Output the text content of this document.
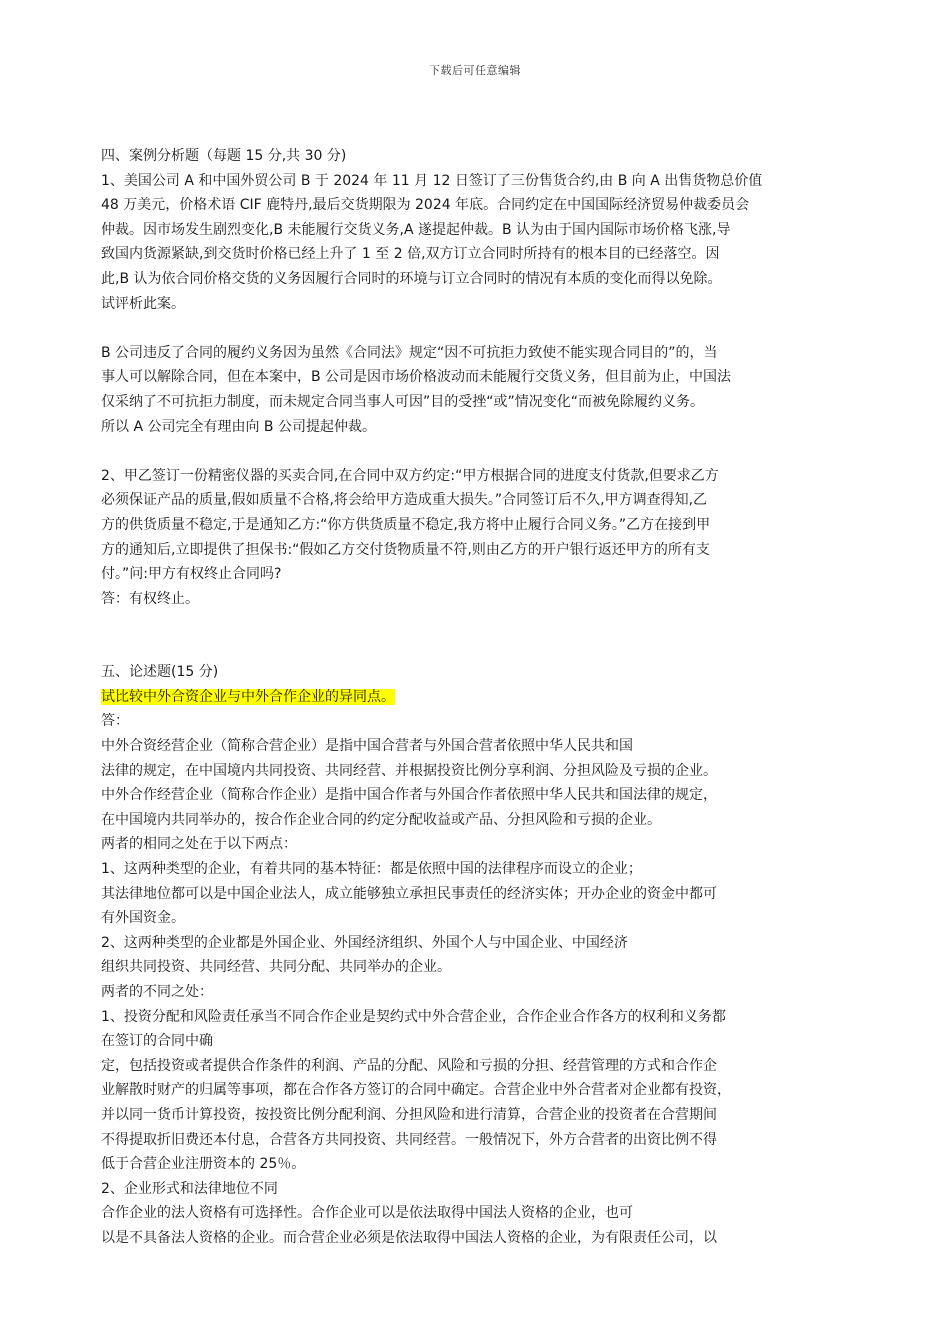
下载后可任意编辑

四、案例分析题（每题 15 分,共 30 分)

1、美国公司 A 和中国外贸公司 B 于 2024 年 11 月 12 日签订了三份售货合约,由 B 向 A 出售货物总价值

48 万美元，价格术语 CIF 鹿特丹,最后交货期限为 2024 年底。合同约定在中国国际经济贸易仲裁委员会

仲裁。因市场发生剧烈变化,B 未能履行交货义务,A 遂提起仲裁。B 认为由于国内国际市场价格飞涨,导

致国内货源紧缺,到交货时价格已经上升了 1 至 2 倍,双方订立合同时所持有的根本目的已经落空。因

此,B 认为依合同价格交货的义务因履行合同时的环境与订立合同时的情况有本质的变化而得以免除。

试评析此案。

B 公司违反了合同的履约义务因为虽然《合同法》规定“因不可抗拒力致使不能实现合同目的”的，当

事人可以解除合同，但在本案中，B 公司是因市场价格波动而未能履行交货义务，但目前为止，中国法

仅采纳了不可抗拒力制度，而未规定合同当事人可因”目的受挫“或”情况变化“而被免除履约义务。

所以 A 公司完全有理由向 B 公司提起仲裁。

2、甲乙签订一份精密仪器的买卖合同,在合同中双方约定:“甲方根据合同的进度支付货款,但要求乙方

必须保证产品的质量,假如质量不合格,将会给甲方造成重大损失。”合同签订后不久,甲方调查得知,乙

方的供货质量不稳定,于是通知乙方:“你方供货质量不稳定,我方将中止履行合同义务。”乙方在接到甲

方的通知后,立即提供了担保书:“假如乙方交付货物质量不符,则由乙方的开户银行返还甲方的所有支

付。”问:甲方有权终止合同吗?

答：有权终止。

五、论述题(15 分)

试比较中外合资企业与中外合作企业的异同点。

答：

中外合资经营企业（简称合营企业）是指中国合营者与外国合营者依照中华人民共和国

法律的规定，在中国境内共同投资、共同经营、并根据投资比例分享利润、分担风险及亏损的企业。

中外合作经营企业（简称合作企业）是指中国合作者与外国合作者依照中华人民共和国法律的规定，

在中国境内共同举办的，按合作企业合同的约定分配收益或产品、分担风险和亏损的企业。

两者的相同之处在于以下两点：

1、这两种类型的企业，有着共同的基本特征：都是依照中国的法律程序而设立的企业；

其法律地位都可以是中国企业法人，成立能够独立承担民事责任的经济实体；开办企业的资金中都可

有外国资金。

2、这两种类型的企业都是外国企业、外国经济组织、外国个人与中国企业、中国经济

组织共同投资、共同经营、共同分配、共同举办的企业。

两者的不同之处：

1、投资分配和风险责任承当不同合作企业是契约式中外合营企业，合作企业合作各方的权利和义务都

在签订的合同中确

定，包括投资或者提供合作条件的利润、产品的分配、风险和亏损的分担、经营管理的方式和合作企

业解散时财产的归属等事项，都在合作各方签订的合同中确定。合营企业中外合营者对企业都有投资，

并以同一货币计算投资，按投资比例分配利润、分担风险和进行清算，合营企业的投资者在合营期间

不得提取折旧费还本付息，合营各方共同投资、共同经营。一般情况下，外方合营者的出资比例不得

低于合营企业注册资本的 25％。

2、企业形式和法律地位不同

合作企业的法人资格有可选择性。合作企业可以是依法取得中国法人资格的企业，也可

以是不具备法人资格的企业。而合营企业必须是依法取得中国法人资格的企业，为有限责任公司，以
